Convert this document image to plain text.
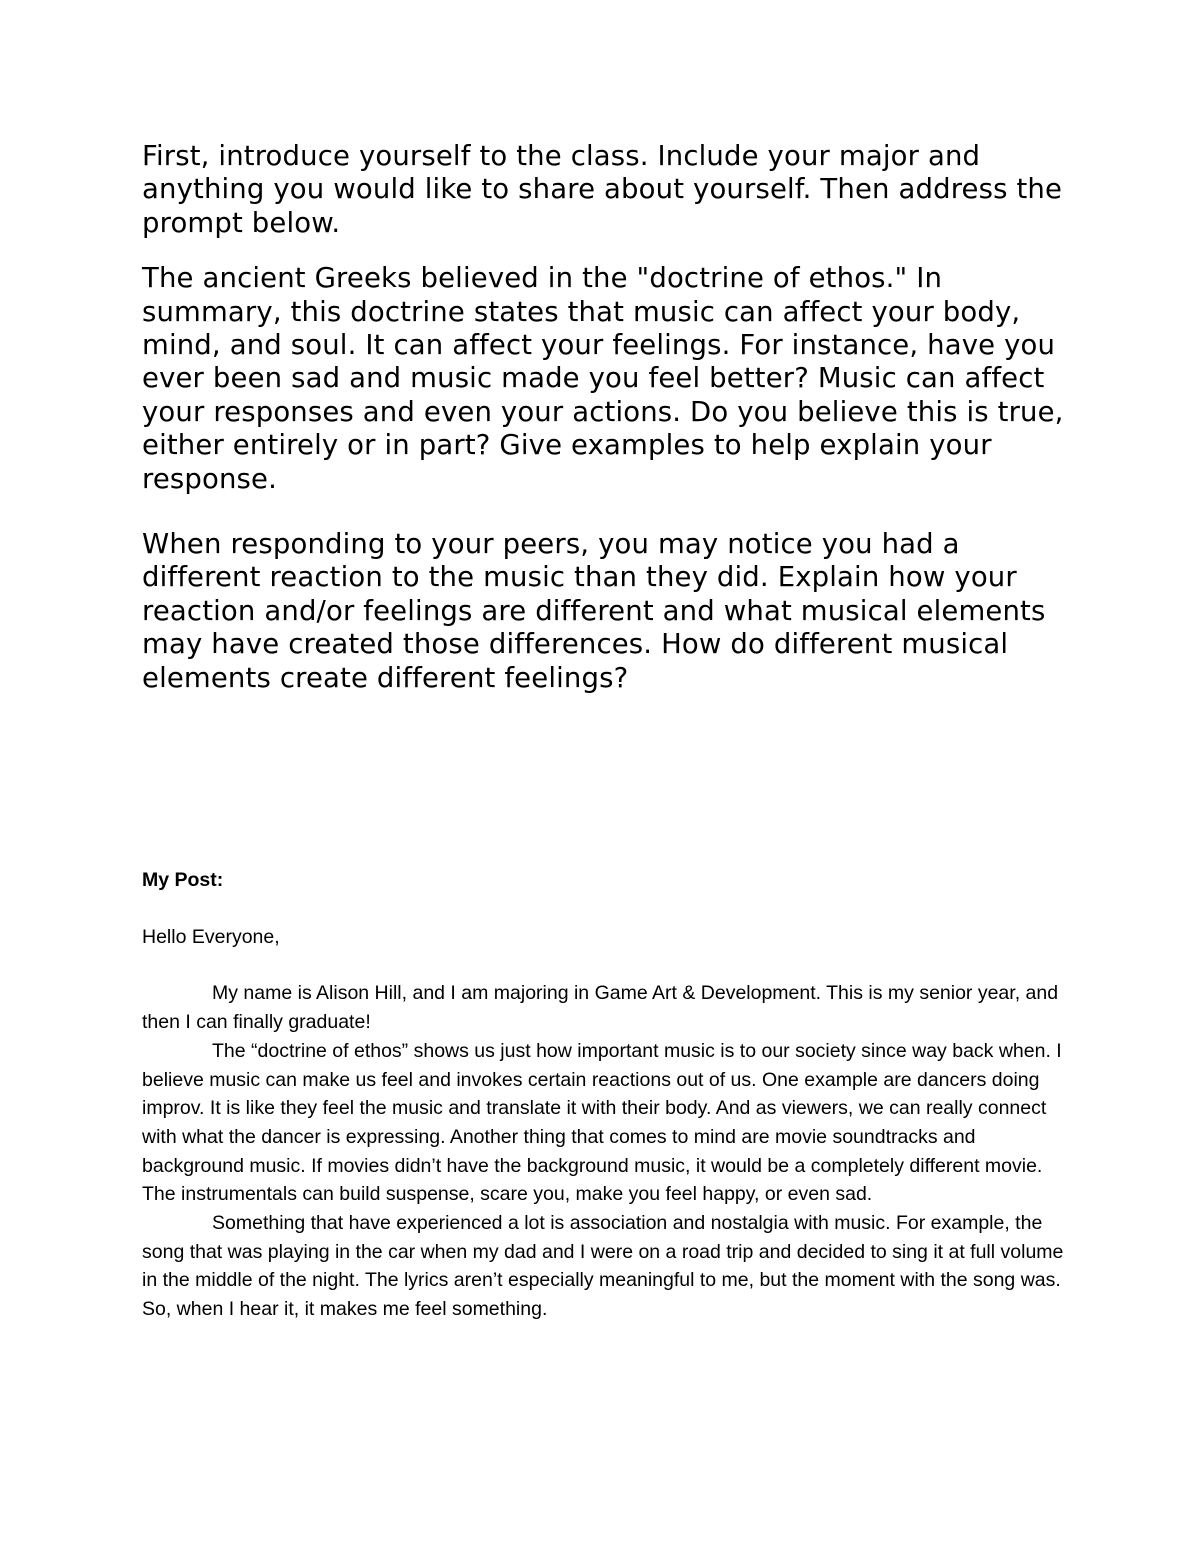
First, introduce yourself to the class. Include your major and anything you would like to share about yourself. Then address the prompt below.

The ancient Greeks believed in the "doctrine of ethos." In summary, this doctrine states that music can affect your body, mind, and soul. It can affect your feelings. For instance, have you ever been sad and music made you feel better? Music can affect your responses and even your actions. Do you believe this is true, either entirely or in part? Give examples to help explain your response.

When responding to your peers, you may notice you had a different reaction to the music than they did. Explain how your reaction and/or feelings are different and what musical elements may have created those differences. How do different musical elements create different feelings?

My Post:

Hello Everyone,

My name is Alison Hill, and I am majoring in Game Art & Development. This is my senior year, and then I can finally graduate!

The “doctrine of ethos” shows us just how important music is to our society since way back when. I believe music can make us feel and invokes certain reactions out of us. One example are dancers doing improv. It is like they feel the music and translate it with their body. And as viewers, we can really connect with what the dancer is expressing. Another thing that comes to mind are movie soundtracks and background music. If movies didn’t have the background music, it would be a completely different movie. The instrumentals can build suspense, scare you, make you feel happy, or even sad.

Something that have experienced a lot is association and nostalgia with music. For example, the song that was playing in the car when my dad and I were on a road trip and decided to sing it at full volume in the middle of the night. The lyrics aren’t especially meaningful to me, but the moment with the song was. So, when I hear it, it makes me feel something.
